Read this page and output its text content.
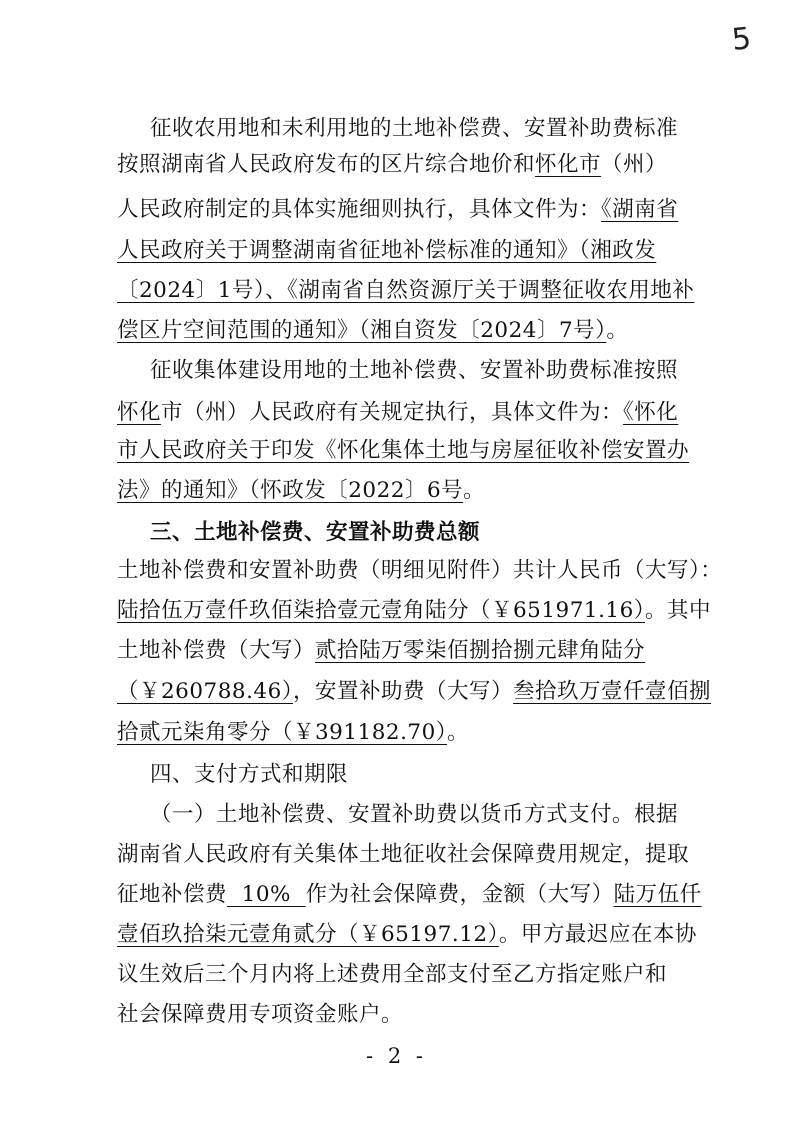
5
征收农用地和未利用地的土地补偿费、安置补助费标准
按照湖南省人民政府发布的区片综合地价和怀化市（州）
人民政府制定的具体实施细则执行，具体文件为：《湖南省
人民政府关于调整湖南省征地补偿标准的通知》（湘政发
〔2024〕1号）、《湖南省自然资源厅关于调整征收农用地补
偿区片空间范围的通知》（湘自资发〔2024〕7号）。
征收集体建设用地的土地补偿费、安置补助费标准按照
怀化市（州）人民政府有关规定执行，具体文件为：《怀化
市人民政府关于印发《怀化集体土地与房屋征收补偿安置办
法》的通知》（怀政发〔2022〕6号。
三、土地补偿费、安置补助费总额
土地补偿费和安置补助费（明细见附件）共计人民币（大写）：
陆拾伍万壹仟玖佰柒拾壹元壹角陆分（￥651971.16）。其中
土地补偿费（大写）贰拾陆万零柒佰捌拾捌元肆角陆分
（￥260788.46），安置补助费（大写）叁拾玖万壹仟壹佰捌
拾贰元柒角零分（￥391182.70）。
四、支付方式和期限
（一）土地补偿费、安置补助费以货币方式支付。根据
湖南省人民政府有关集体土地征收社会保障费用规定，提取
征地补偿费  10%  作为社会保障费，金额（大写）陆万伍仟
壹佰玖拾柒元壹角贰分（￥65197.12）。甲方最迟应在本协
议生效后三个月内将上述费用全部支付至乙方指定账户和
社会保障费用专项资金账户。
- 2 -
